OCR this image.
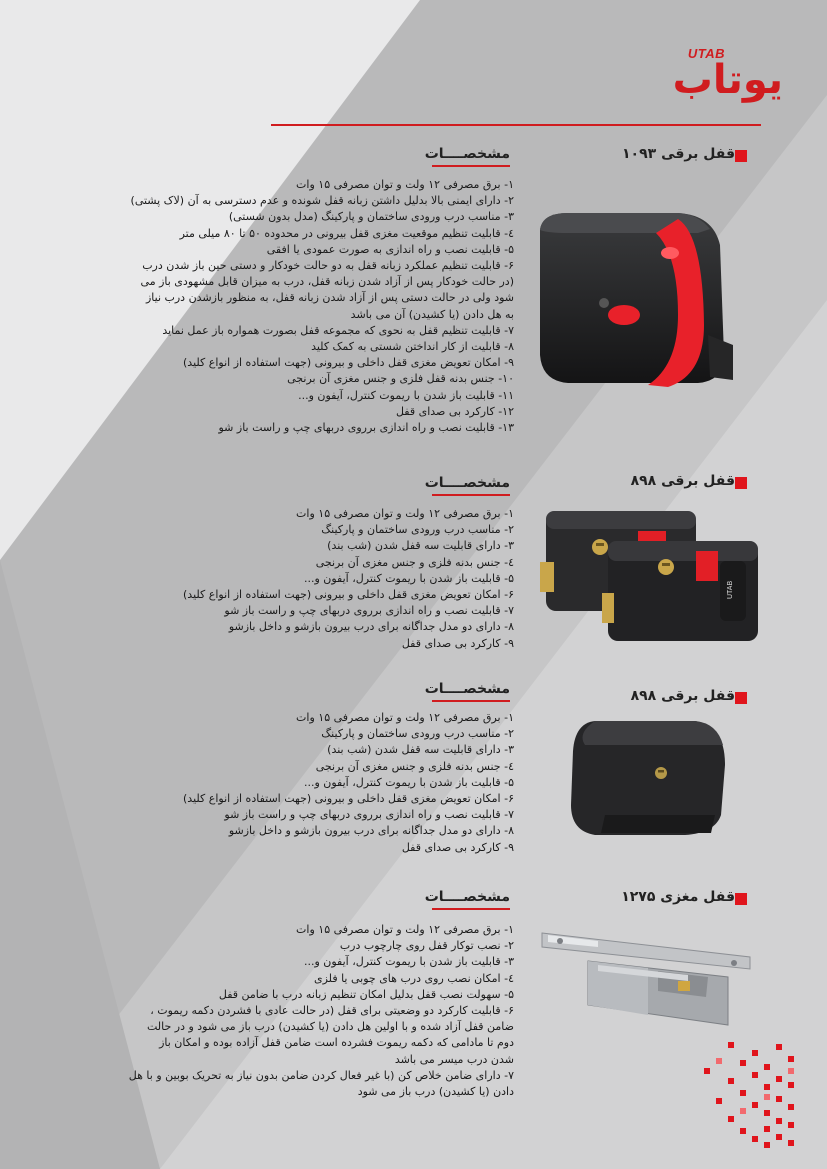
UTAB
یوتاب
قفل برقی ۱۰۹۳
مشخصــــات
۱- برق مصرفی ۱۲ ولت و توان مصرفی ۱۵ وات
۲- دارای ایمنی بالا بدلیل داشتن زبانه قفل شونده و عدم دسترسی به آن (لاک پشتی)
۳- مناسب درب ورودی ساختمان و پارکینگ (مدل بدون شستی)
٤- قابلیت تنظیم موقعیت مغزی قفل بیرونی در محدوده ۵۰ تا ۸۰ میلی متر
۵- قابلیت نصب و راه اندازی به صورت عمودی یا افقی
۶- قابلیت تنظیم عملکرد زبانه قفل به دو حالت خودکار و دستی حین باز شدن درب
(در حالت خودکار پس از آزاد شدن زبانه قفل، درب به میزان قابل مشهودی باز می
شود ولی در حالت دستی پس از آزاد شدن زبانه قفل، به منظور بازشدن درب نیاز
به هل دادن (یا کشیدن) آن می باشد
۷- قابلیت تنظیم قفل به نحوی که مجموعه قفل بصورت همواره باز عمل نماید
۸- قابلیت از کار انداختن شستی به کمک کلید
۹- امکان تعویض مغزی قفل داخلی و بیرونی (جهت استفاده از انواع کلید)
۱۰- جنس بدنه قفل فلزی و جنس مغزی آن برنجی
۱۱- قابلیت باز شدن با ریموت کنترل، آیفون و...
۱۲- کارکرد بی صدای قفل
۱۳- قابلیت نصب و راه اندازی برروی دربهای چپ و راست باز شو
قفل برقی ۸۹۸
مشخصــــات
۱- برق مصرفی ۱۲ ولت و توان مصرفی ۱۵ وات
۲- مناسب درب ورودی ساختمان و پارکینگ
۳- دارای قابلیت سه قفل شدن (شب بند)
٤- جنس بدنه فلزی و جنس مغزی آن برنجی
۵- قابلیت باز شدن با ریموت کنترل، آیفون و...
۶- امکان تعویض مغزی قفل داخلی و بیرونی (جهت استفاده از انواع کلید)
۷- قابلیت نصب و راه اندازی برروی دربهای چپ و راست باز شو
۸- دارای دو مدل جداگانه برای درب بیرون بازشو و داخل بازشو
۹- کارکرد بی صدای قفل
UTAB
قفل برقی ۸۹۸
مشخصــــات
۱- برق مصرفی ۱۲ ولت و توان مصرفی ۱۵ وات
۲- مناسب درب ورودی ساختمان و پارکینگ
۳- دارای قابلیت سه قفل شدن (شب بند)
٤- جنس بدنه فلزی و جنس مغزی آن برنجی
۵- قابلیت باز شدن با ریموت کنترل، آیفون و...
۶- امکان تعویض مغزی قفل داخلی و بیرونی (جهت استفاده از انواع کلید)
۷- قابلیت نصب و راه اندازی برروی دربهای چپ و راست باز شو
۸- دارای دو مدل جداگانه برای درب بیرون بازشو و داخل بازشو
۹- کارکرد بی صدای قفل
قفل مغزی ۱۲۷۵
مشخصــــات
۱- برق مصرفی ۱۲ ولت و توان مصرفی ۱۵ وات
۲- نصب توکار قفل روی چارچوب درب
۳- قابلیت باز شدن با ریموت کنترل، آیفون و...
٤- امکان نصب روی درب های چوبی یا فلزی
۵- سهولت نصب قفل بدلیل امکان تنظیم زبانه درب با ضامن قفل
۶- قابلیت کارکرد دو وضعیتی برای قفل (در حالت عادی با فشردن دکمه ریموت ،
ضامن قفل آزاد شده و با اولین هل دادن (یا کشیدن) درب باز می شود و در حالت
دوم تا مادامی که دکمه ریموت فشرده است ضامن قفل آزاده بوده و امکان باز
شدن درب میسر می باشد
۷- دارای ضامن خلاص کن (با غیر فعال کردن ضامن بدون نیاز به تحریک بوبین و با هل
دادن (یا کشیدن) درب باز می شود
